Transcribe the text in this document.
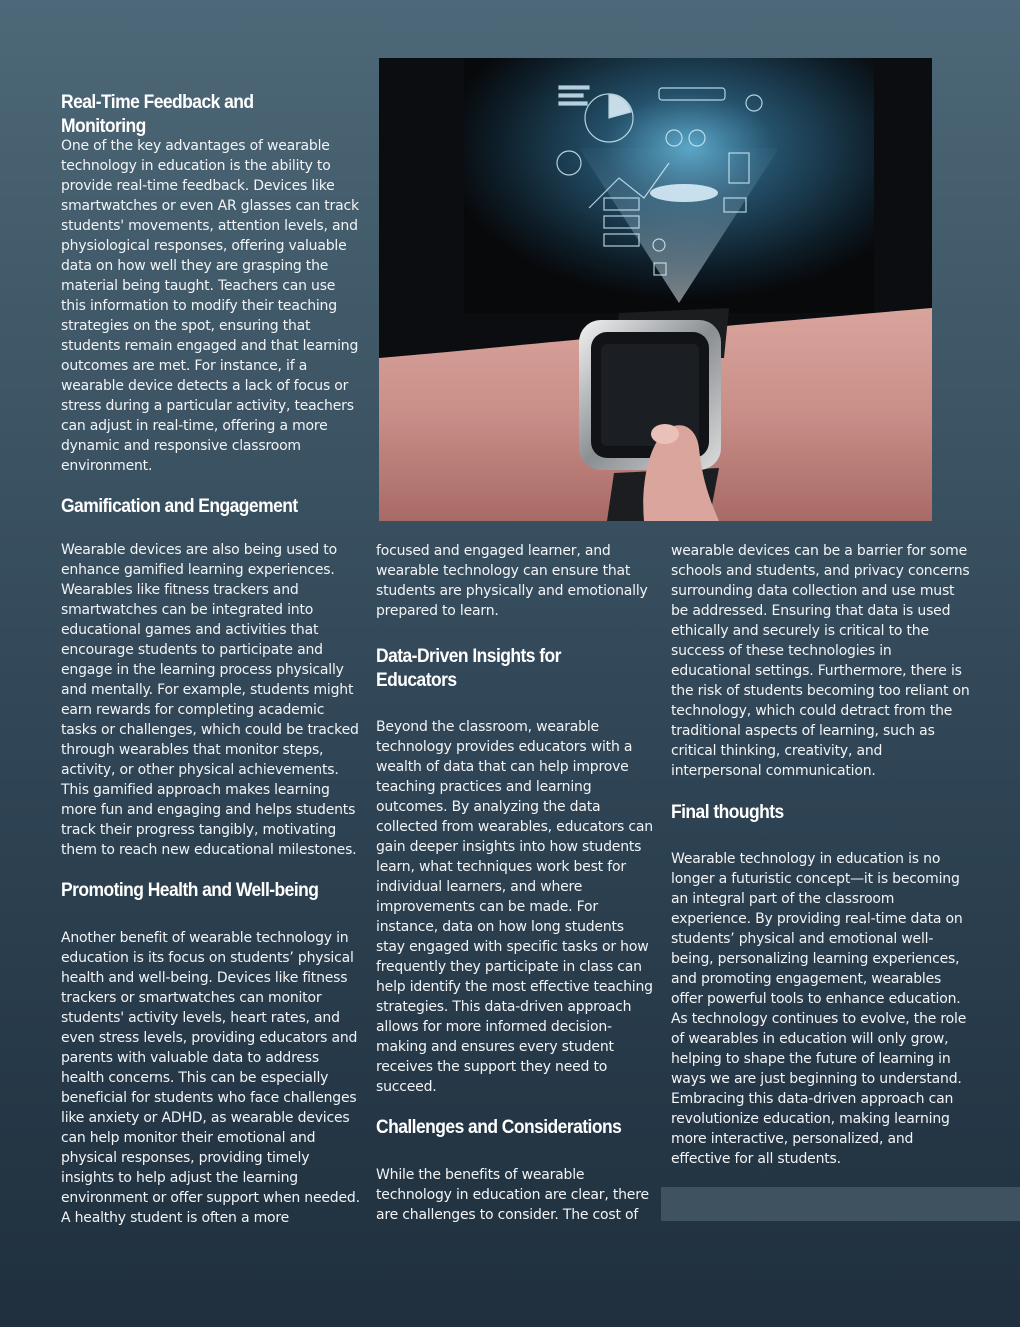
Real-Time Feedback and Monitoring

One of the key advantages of wearable technology in education is the ability to provide real-time feedback. Devices like smartwatches or even AR glasses can track students' movements, attention levels, and physiological responses, offering valuable data on how well they are grasping the material being taught. Teachers can use this information to modify their teaching strategies on the spot, ensuring that students remain engaged and that learning outcomes are met. For instance, if a wearable device detects a lack of focus or stress during a particular activity, teachers can adjust in real-time, offering a more dynamic and responsive classroom environment.

Gamification and Engagement

Wearable devices are also being used to enhance gamified learning experiences. Wearables like fitness trackers and smartwatches can be integrated into educational games and activities that encourage students to participate and engage in the learning process physically and mentally. For example, students might earn rewards for completing academic tasks or challenges, which could be tracked through wearables that monitor steps, activity, or other physical achievements. This gamified approach makes learning more fun and engaging and helps students track their progress tangibly, motivating them to reach new educational milestones.

Promoting Health and Well-being

Another benefit of wearable technology in education is its focus on students’ physical health and well-being. Devices like fitness trackers or smartwatches can monitor students' activity levels, heart rates, and even stress levels, providing educators and parents with valuable data to address health concerns. This can be especially beneficial for students who face challenges like anxiety or ADHD, as wearable devices can help monitor their emotional and physical responses, providing timely insights to help adjust the learning environment or offer support when needed. A healthy student is often a more

focused and engaged learner, and wearable technology can ensure that students are physically and emotionally prepared to learn.

Data-Driven Insights for Educators

Beyond the classroom, wearable technology provides educators with a wealth of data that can help improve teaching practices and learning outcomes. By analyzing the data collected from wearables, educators can gain deeper insights into how students learn, what techniques work best for individual learners, and where improvements can be made. For instance, data on how long students stay engaged with specific tasks or how frequently they participate in class can help identify the most effective teaching strategies. This data-driven approach allows for more informed decision-making and ensures every student receives the support they need to succeed.

Challenges and Considerations

While the benefits of wearable technology in education are clear, there are challenges to consider. The cost of

wearable devices can be a barrier for some schools and students, and privacy concerns surrounding data collection and use must be addressed. Ensuring that data is used ethically and securely is critical to the success of these technologies in educational settings. Furthermore, there is the risk of students becoming too reliant on technology, which could detract from the traditional aspects of learning, such as critical thinking, creativity, and interpersonal communication.

Final thoughts

Wearable technology in education is no longer a futuristic concept—it is becoming an integral part of the classroom experience. By providing real-time data on students’ physical and emotional well-being, personalizing learning experiences, and promoting engagement, wearables offer powerful tools to enhance education. As technology continues to evolve, the role of wearables in education will only grow, helping to shape the future of learning in ways we are just beginning to understand. Embracing this data-driven approach can revolutionize education, making learning more interactive, personalized, and effective for all students.
